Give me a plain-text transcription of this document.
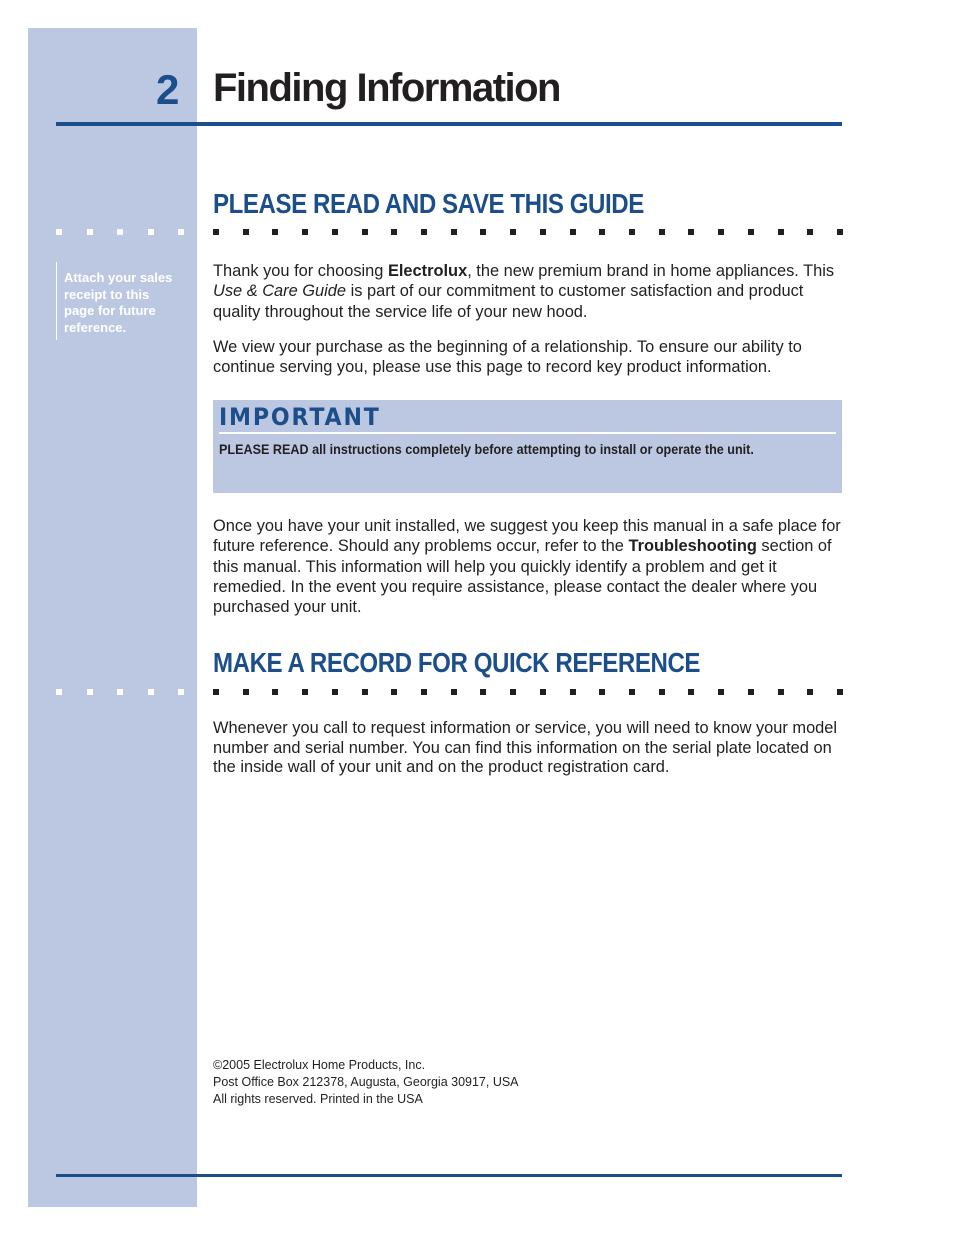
2 Finding Information
PLEASE READ AND SAVE THIS GUIDE
Attach your sales receipt to this page for future reference.

Thank you for choosing Electrolux, the new premium brand in home appliances. This Use & Care Guide is part of our commitment to customer satisfaction and product quality throughout the service life of your new hood.

We view your purchase as the beginning of a relationship. To ensure our ability to continue serving you, please use this page to record key product information.

IMPORTANT
PLEASE READ all instructions completely before attempting to install or operate the unit.

Once you have your unit installed, we suggest you keep this manual in a safe place for future reference. Should any problems occur, refer to the Troubleshooting section of this manual. This information will help you quickly identify a problem and get it remedied. In the event you require assistance, please contact the dealer where you purchased your unit.

MAKE A RECORD FOR QUICK REFERENCE

Whenever you call to request information or service, you will need to know your model number and serial number. You can find this information on the serial plate located on the inside wall of your unit and on the product registration card.

©2005 Electrolux Home Products, Inc.
Post Office Box 212378, Augusta, Georgia 30917, USA
All rights reserved. Printed in the USA
